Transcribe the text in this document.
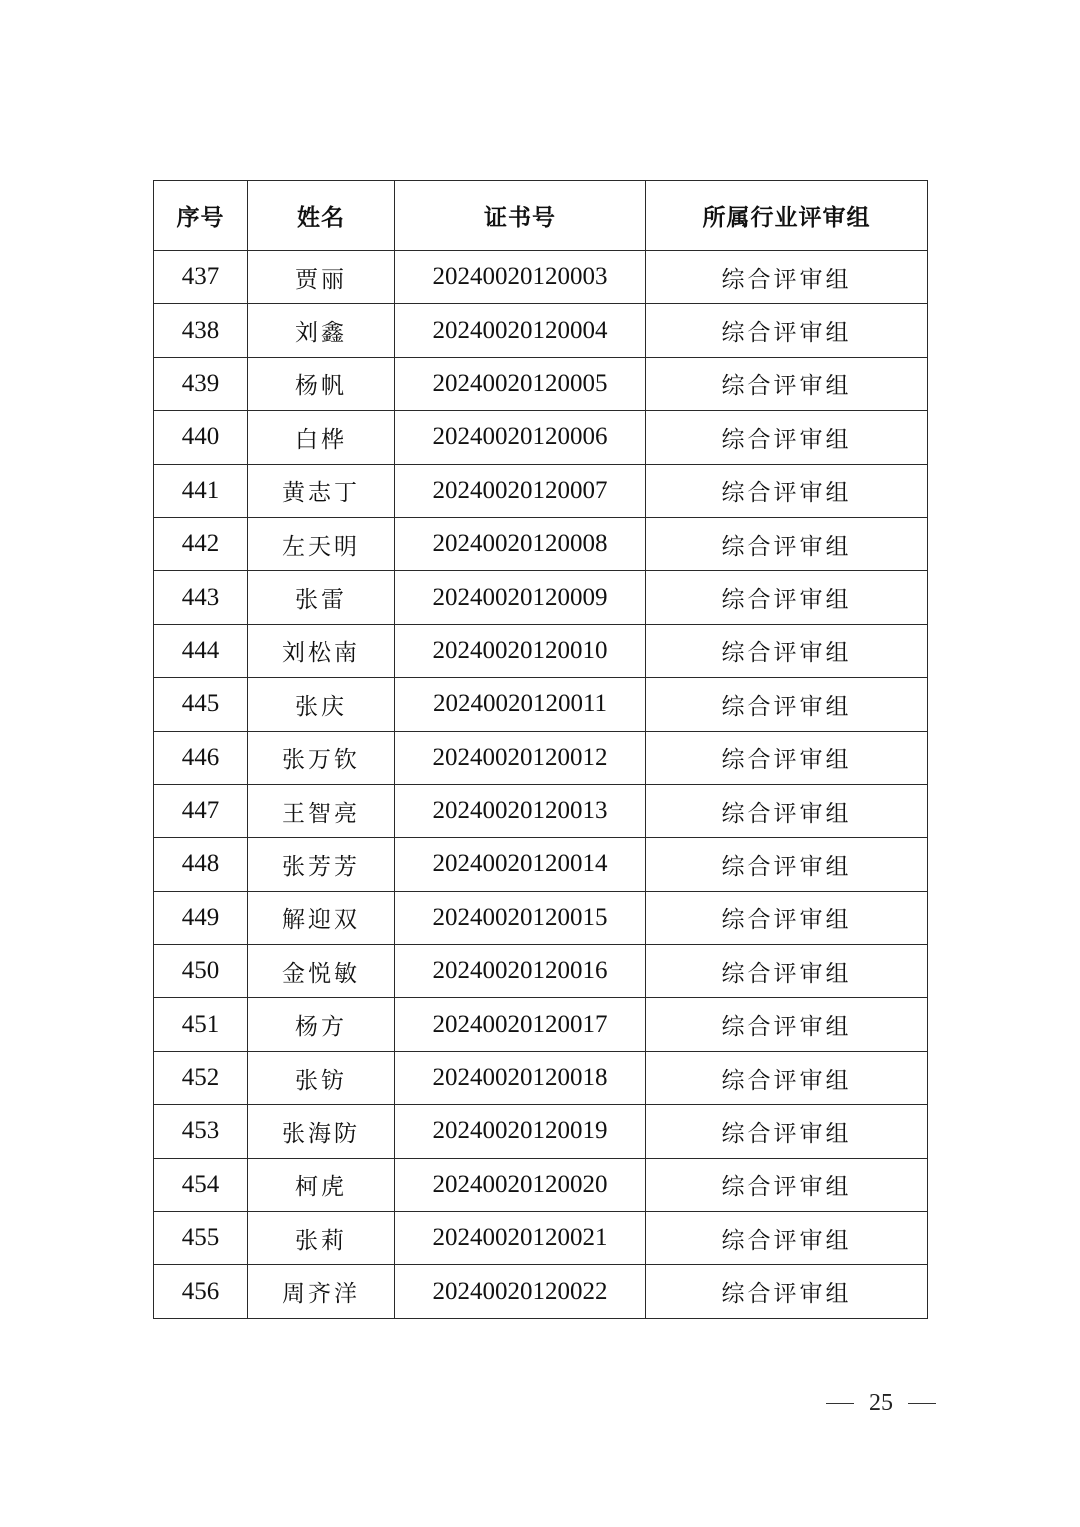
序号	姓名	证书号	所属行业评审组
437	贾丽	20240020120003	综合评审组
438	刘鑫	20240020120004	综合评审组
439	杨帆	20240020120005	综合评审组
440	白桦	20240020120006	综合评审组
441	黄志丁	20240020120007	综合评审组
442	左天明	20240020120008	综合评审组
443	张雷	20240020120009	综合评审组
444	刘松南	20240020120010	综合评审组
445	张庆	20240020120011	综合评审组
446	张万钦	20240020120012	综合评审组
447	王智亮	20240020120013	综合评审组
448	张芳芳	20240020120014	综合评审组
449	解迎双	20240020120015	综合评审组
450	金悦敏	20240020120016	综合评审组
451	杨方	20240020120017	综合评审组
452	张钫	20240020120018	综合评审组
453	张海防	20240020120019	综合评审组
454	柯虎	20240020120020	综合评审组
455	张莉	20240020120021	综合评审组
456	周齐洋	20240020120022	综合评审组
25
